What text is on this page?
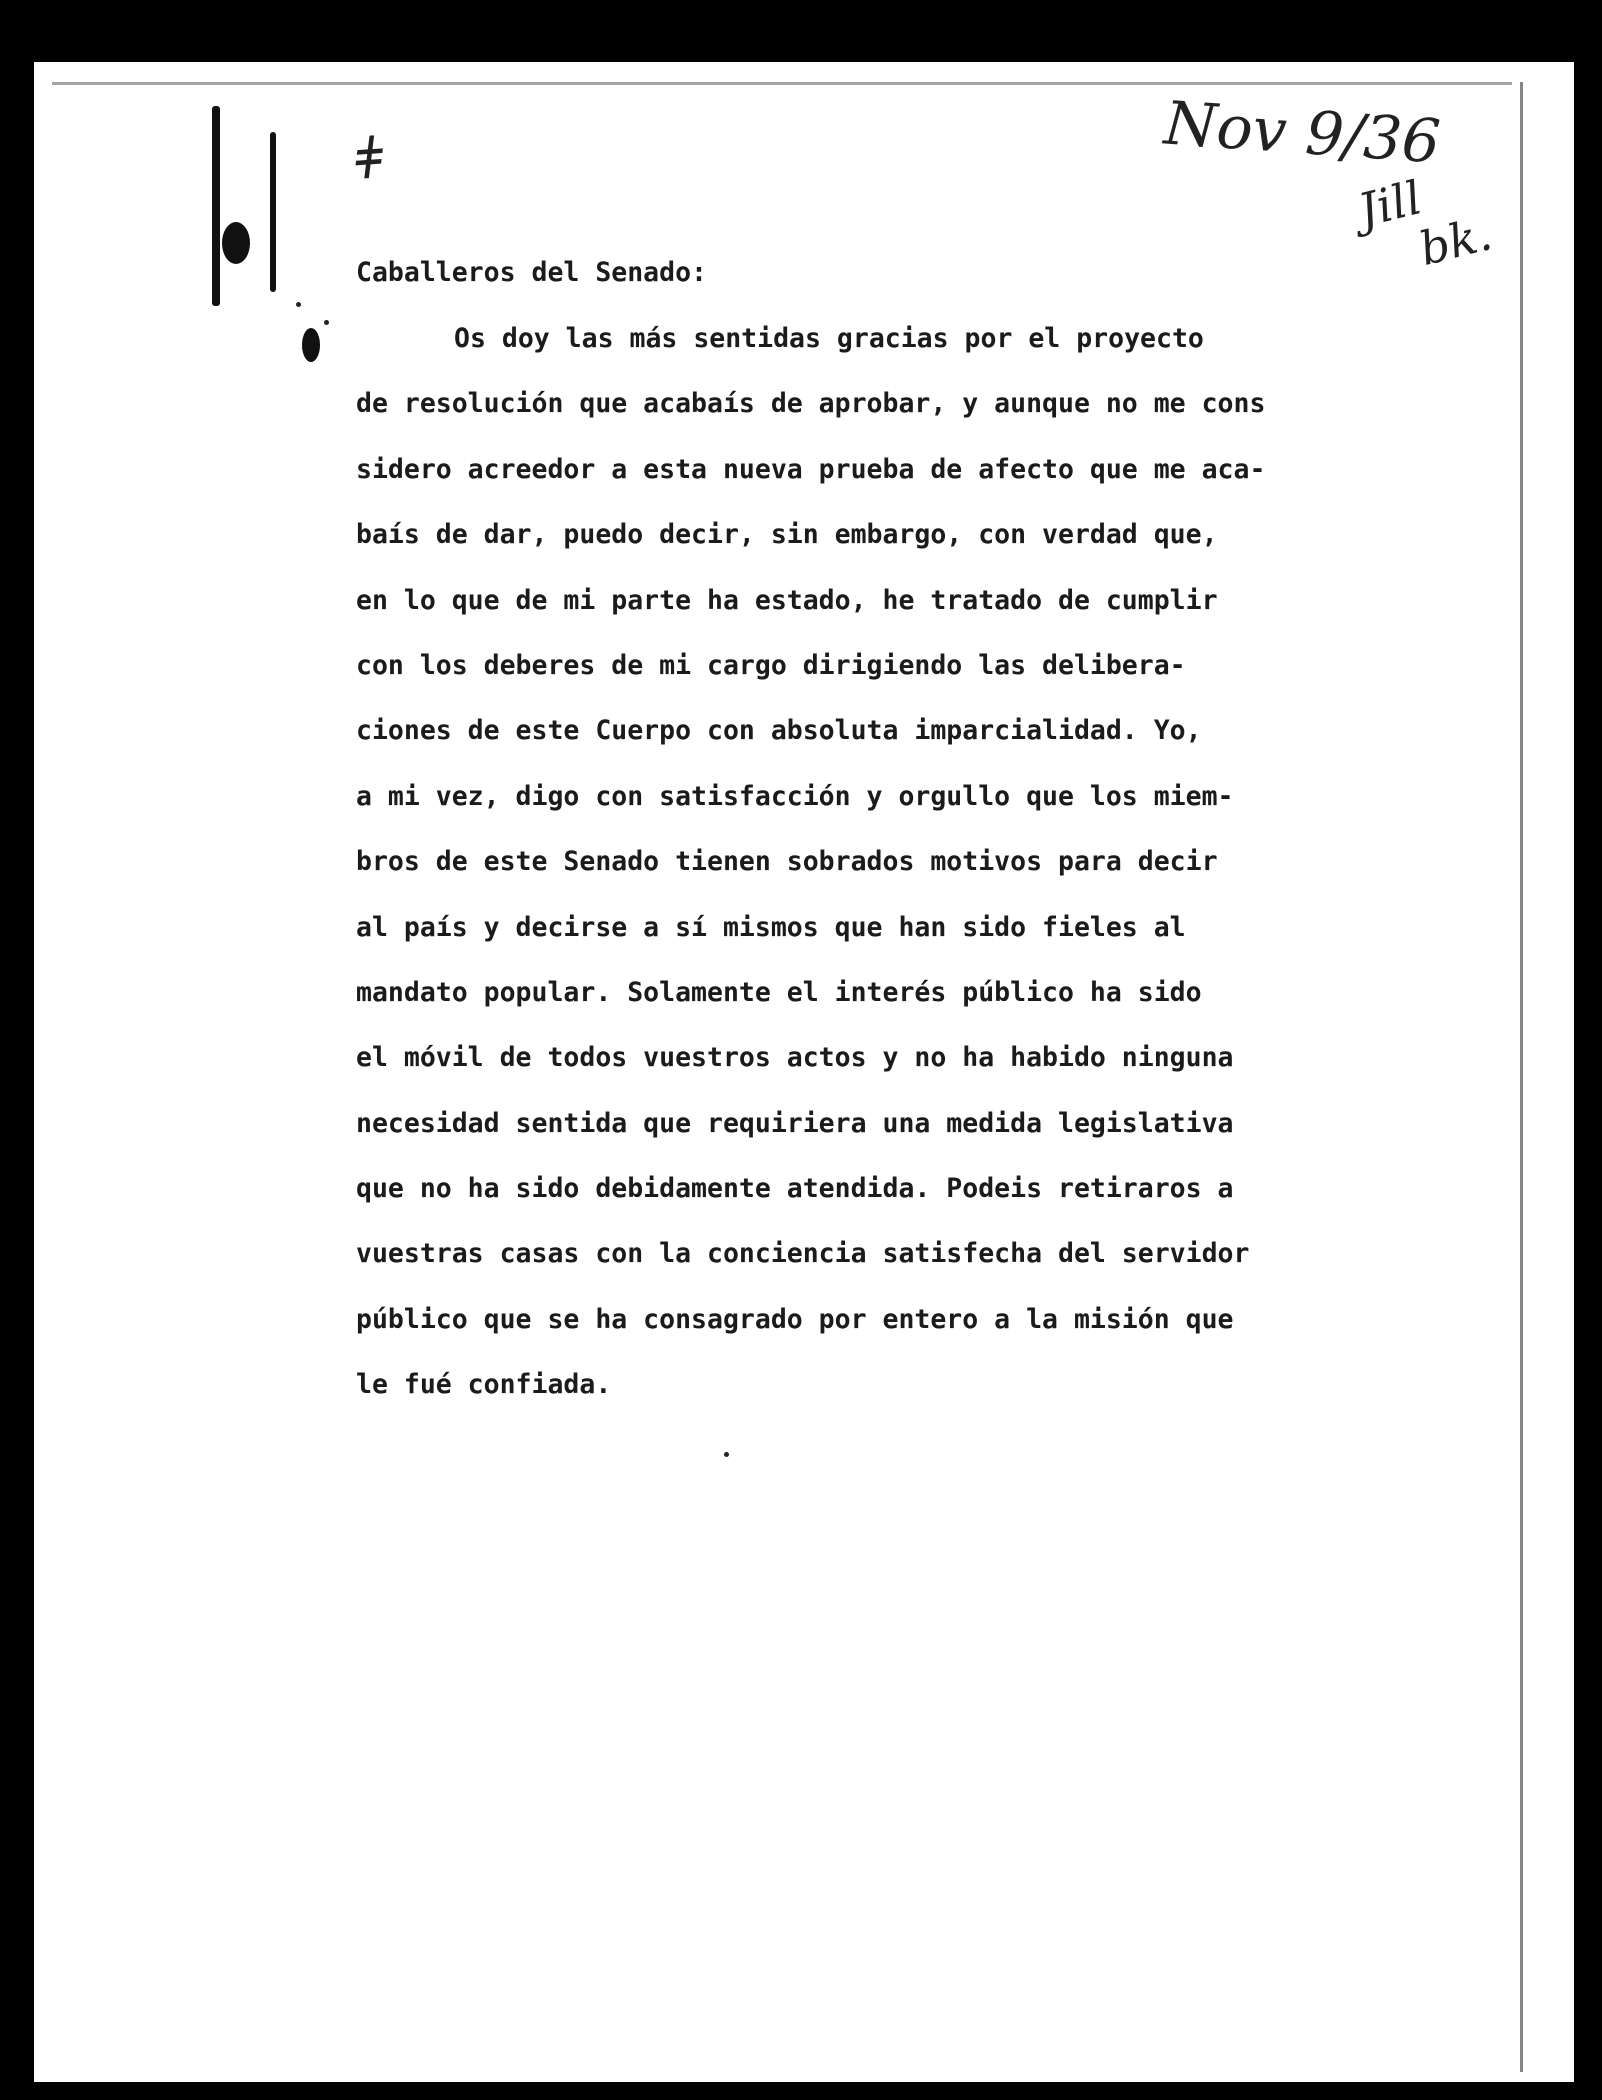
ǂ	Nov 9/36
Jill
bk.
Caballeros del Senado:
Os doy las más sentidas gracias por el proyecto
de resolución que acabaís de aprobar, y aunque no me cons
sidero acreedor a esta nueva prueba de afecto que me aca-
baís de dar, puedo decir, sin embargo, con verdad que,
en lo que de mi parte ha estado, he tratado de cumplir
con los deberes de mi cargo dirigiendo las delibera-
ciones de este Cuerpo con absoluta imparcialidad. Yo,
a mi vez, digo con satisfacción y orgullo que los miem-
bros de este Senado tienen sobrados motivos para decir
al país y decirse a sí mismos que han sido fieles al
mandato popular. Solamente el interés público ha sido
el móvil de todos vuestros actos y no ha habido ninguna
necesidad sentida que requiriera una medida legislativa
que no ha sido debidamente atendida. Podeis retiraros a
vuestras casas con la conciencia satisfecha del servidor
público que se ha consagrado por entero a la misión que
le fué confiada.
